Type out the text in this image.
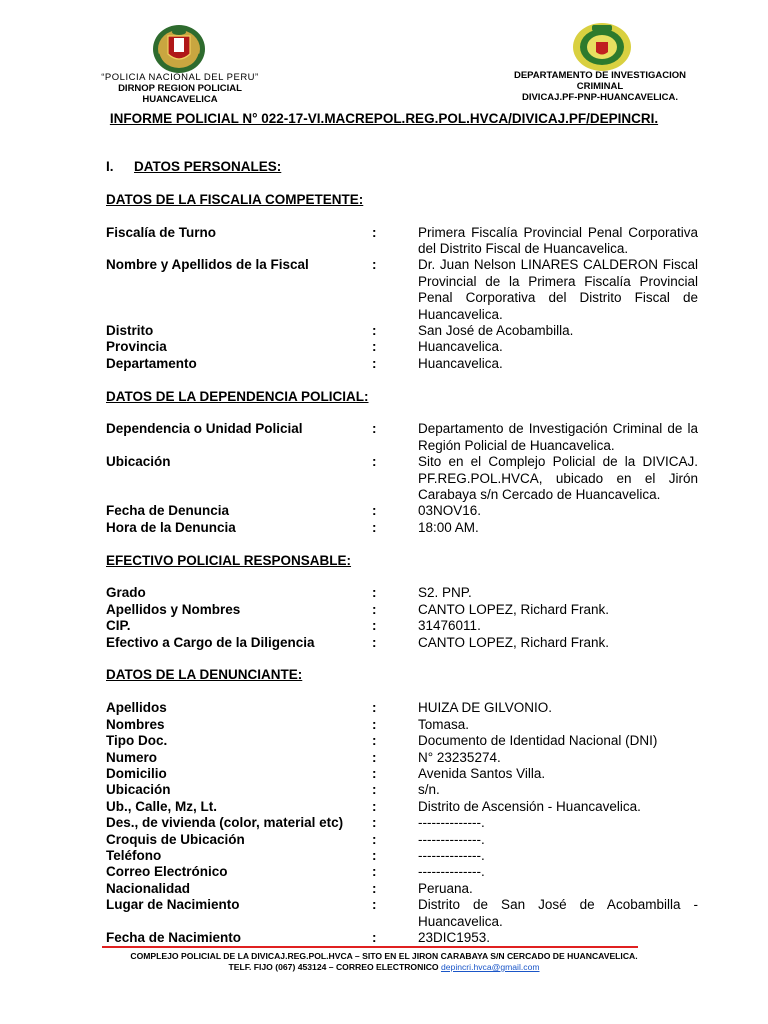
“POLICIA NACIONAL DEL PERU”
DIRNOP REGION POLICIAL
HUANCAVELICA
DEPARTAMENTO DE INVESTIGACION
CRIMINAL
DIVICAJ.PF-PNP-HUANCAVELICA.
INFORME POLICIAL N° 022-17-VI.MACREPOL.REG.POL.HVCA/DIVICAJ.PF/DEPINCRI.
I.	DATOS PERSONALES:
DATOS DE LA FISCALIA COMPETENTE:
Fiscalía de Turno	:	Primera Fiscalía Provincial Penal Corporativa del Distrito Fiscal de Huancavelica.
Nombre y Apellidos de la Fiscal	:	Dr. Juan Nelson LINARES CALDERON Fiscal Provincial de la Primera Fiscalía Provincial Penal Corporativa del Distrito Fiscal de Huancavelica.
Distrito	:	San José de Acobambilla.
Provincia	:	Huancavelica.
Departamento	:	Huancavelica.
DATOS DE LA DEPENDENCIA POLICIAL:
Dependencia o Unidad Policial	:	Departamento de Investigación Criminal de la Región Policial de Huancavelica.
Ubicación	:	Sito en el Complejo Policial de la DIVICAJ. PF.REG.POL.HVCA, ubicado en el Jirón Carabaya s/n Cercado de Huancavelica.
Fecha de Denuncia	:	03NOV16.
Hora de la Denuncia	:	18:00 AM.
EFECTIVO POLICIAL RESPONSABLE:
Grado	:	S2. PNP.
Apellidos y Nombres	:	CANTO LOPEZ, Richard Frank.
CIP.	:	31476011.
Efectivo a Cargo de la Diligencia	:	CANTO LOPEZ, Richard Frank.
DATOS DE LA DENUNCIANTE:
Apellidos	:	HUIZA DE GILVONIO.
Nombres	:	Tomasa.
Tipo Doc.	:	Documento de Identidad Nacional (DNI)
Numero	:	N° 23235274.
Domicilio	:	Avenida Santos Villa.
Ubicación	:	s/n.
Ub., Calle, Mz, Lt.	:	Distrito de Ascensión - Huancavelica.
Des., de vivienda (color, material etc)	:	--------------.
Croquis de Ubicación	:	--------------.
Teléfono	:	--------------.
Correo Electrónico	:	--------------.
Nacionalidad	:	Peruana.
Lugar de Nacimiento	:	Distrito de San José de Acobambilla - Huancavelica.
Fecha de Nacimiento	:	23DIC1953.
COMPLEJO POLICIAL DE LA DIVICAJ.REG.POL.HVCA – SITO EN EL JIRON CARABAYA S/N CERCADO DE HUANCAVELICA.
TELF. FIJO (067) 453124 – CORREO ELECTRONICO depincri.hvca@gmail.com
